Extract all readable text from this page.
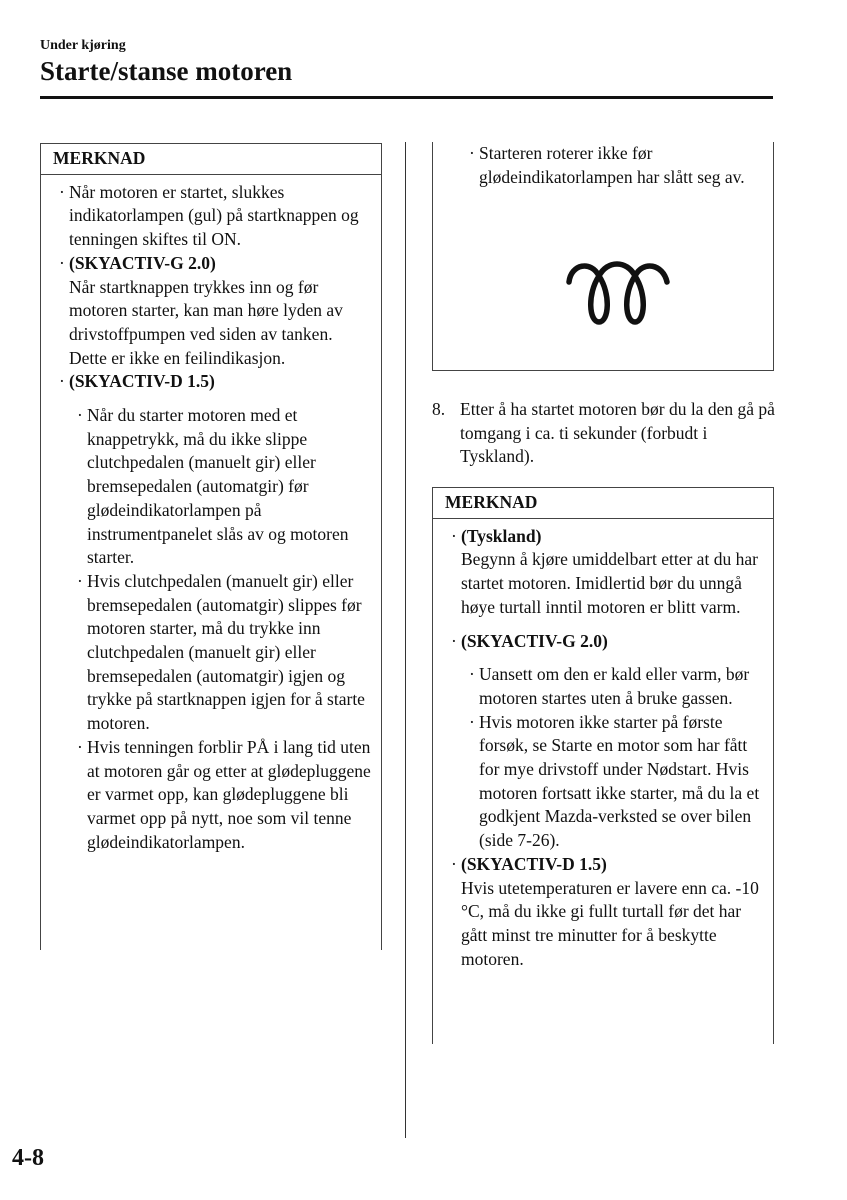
Under kjøring
Starte/stanse motoren
MERKNAD

· Når motoren er startet, slukkes indikatorlampen (gul) på startknappen og tenningen skiftes til ON.

· (SKYACTIV-G 2.0)
Når startknappen trykkes inn og før motoren starter, kan man høre lyden av drivstoffpumpen ved siden av tanken. Dette er ikke en feilindikasjon.

· (SKYACTIV-D 1.5)

· Når du starter motoren med et knappetrykk, må du ikke slippe clutchpedalen (manuelt gir) eller bremsepedalen (automatgir) før glødeindikatorlampen på instrumentpanelet slås av og motoren starter.

· Hvis clutchpedalen (manuelt gir) eller bremsepedalen (automatgir) slippes før motoren starter, må du trykke inn clutchpedalen (manuelt gir) eller bremsepedalen (automatgir) igjen og trykke på startknappen igjen for å starte motoren.

· Hvis tenningen forblir PÅ i lang tid uten at motoren går og etter at glødepluggene er varmet opp, kan glødepluggene bli varmet opp på nytt, noe som vil tenne glødeindikatorlampen.

· Starteren roterer ikke før glødeindikatorlampen har slått seg av.

8. Etter å ha startet motoren bør du la den gå på tomgang i ca. ti sekunder (forbudt i Tyskland).
MERKNAD

· (Tyskland)
Begynn å kjøre umiddelbart etter at du har startet motoren. Imidlertid bør du unngå høye turtall inntil motoren er blitt varm.

· (SKYACTIV-G 2.0)

· Uansett om den er kald eller varm, bør motoren startes uten å bruke gassen.

· Hvis motoren ikke starter på første forsøk, se Starte en motor som har fått for mye drivstoff under Nødstart. Hvis motoren fortsatt ikke starter, må du la et godkjent Mazda-verksted se over bilen (side 7-26).

· (SKYACTIV-D 1.5)
Hvis utetemperaturen er lavere enn ca. -10 °C, må du ikke gi fullt turtall før det har gått minst tre minutter for å beskytte motoren.

4-8
